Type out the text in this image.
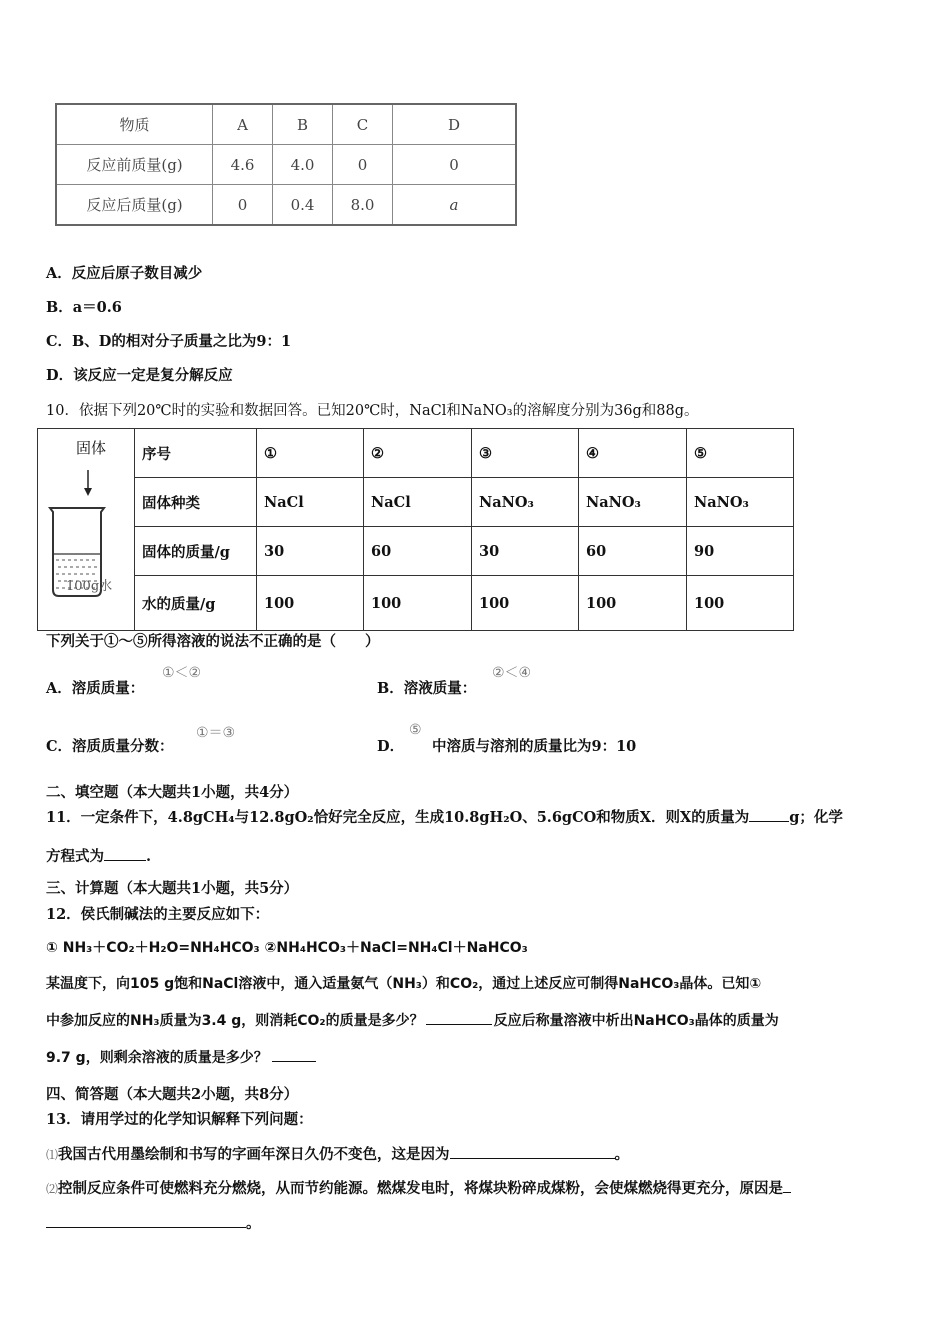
物质	A	B	C	D
反应前质量(g)	4.6	4.0	0	0
反应后质量(g)	0	0.4	8.0	a
A．反应后原子数目减少
B．a＝0.6
C．B、D的相对分子质量之比为9：1
D．该反应一定是复分解反应
10．依据下列20℃时的实验和数据回答。已知20℃时，NaCl和NaNO₃的溶解度分别为36g和88g。
固体
100g水	序号	①	②	③	④	⑤
	固体种类	NaCl	NaCl	NaNO₃	NaNO₃	NaNO₃
	固体的质量/g	30	60	30	60	90
	水的质量/g	100	100	100	100	100
下列关于①～⑤所得溶液的说法不正确的是（　　）
A．溶质质量：
①＜②
B．溶液质量：
②＜④
C．溶质质量分数：
①＝③
D．
⑤
中溶质与溶剂的质量比为9：10
二、填空题（本大题共1小题，共4分）
11．一定条件下，4.8gCH₄与12.8gO₂恰好完全反应，生成10.8gH₂O、5.6gCO和物质X．则X的质量为	g；化学
方程式为	.
三、计算题（本大题共1小题，共5分）
12．侯氏制碱法的主要反应如下：
① NH₃＋CO₂＋H₂O=NH₄HCO₃ ②NH₄HCO₃＋NaCl=NH₄Cl＋NaHCO₃
某温度下，向105 g饱和NaCl溶液中，通入适量氨气（NH₃）和CO₂，通过上述反应可制得NaHCO₃晶体。已知①
中参加反应的NH₃质量为3.4 g，则消耗CO₂的质量是多少？	反应后称量溶液中析出NaHCO₃晶体的质量为
9.7 g，则剩余溶液的质量是多少？
四、简答题（本大题共2小题，共8分）
13．请用学过的化学知识解释下列问题：
⑴我国古代用墨绘制和书写的字画年深日久仍不变色，这是因为	。
⑵控制反应条件可使燃料充分燃烧，从而节约能源。燃煤发电时，将煤块粉碎成煤粉，会使煤燃烧得更充分，原因是
。
